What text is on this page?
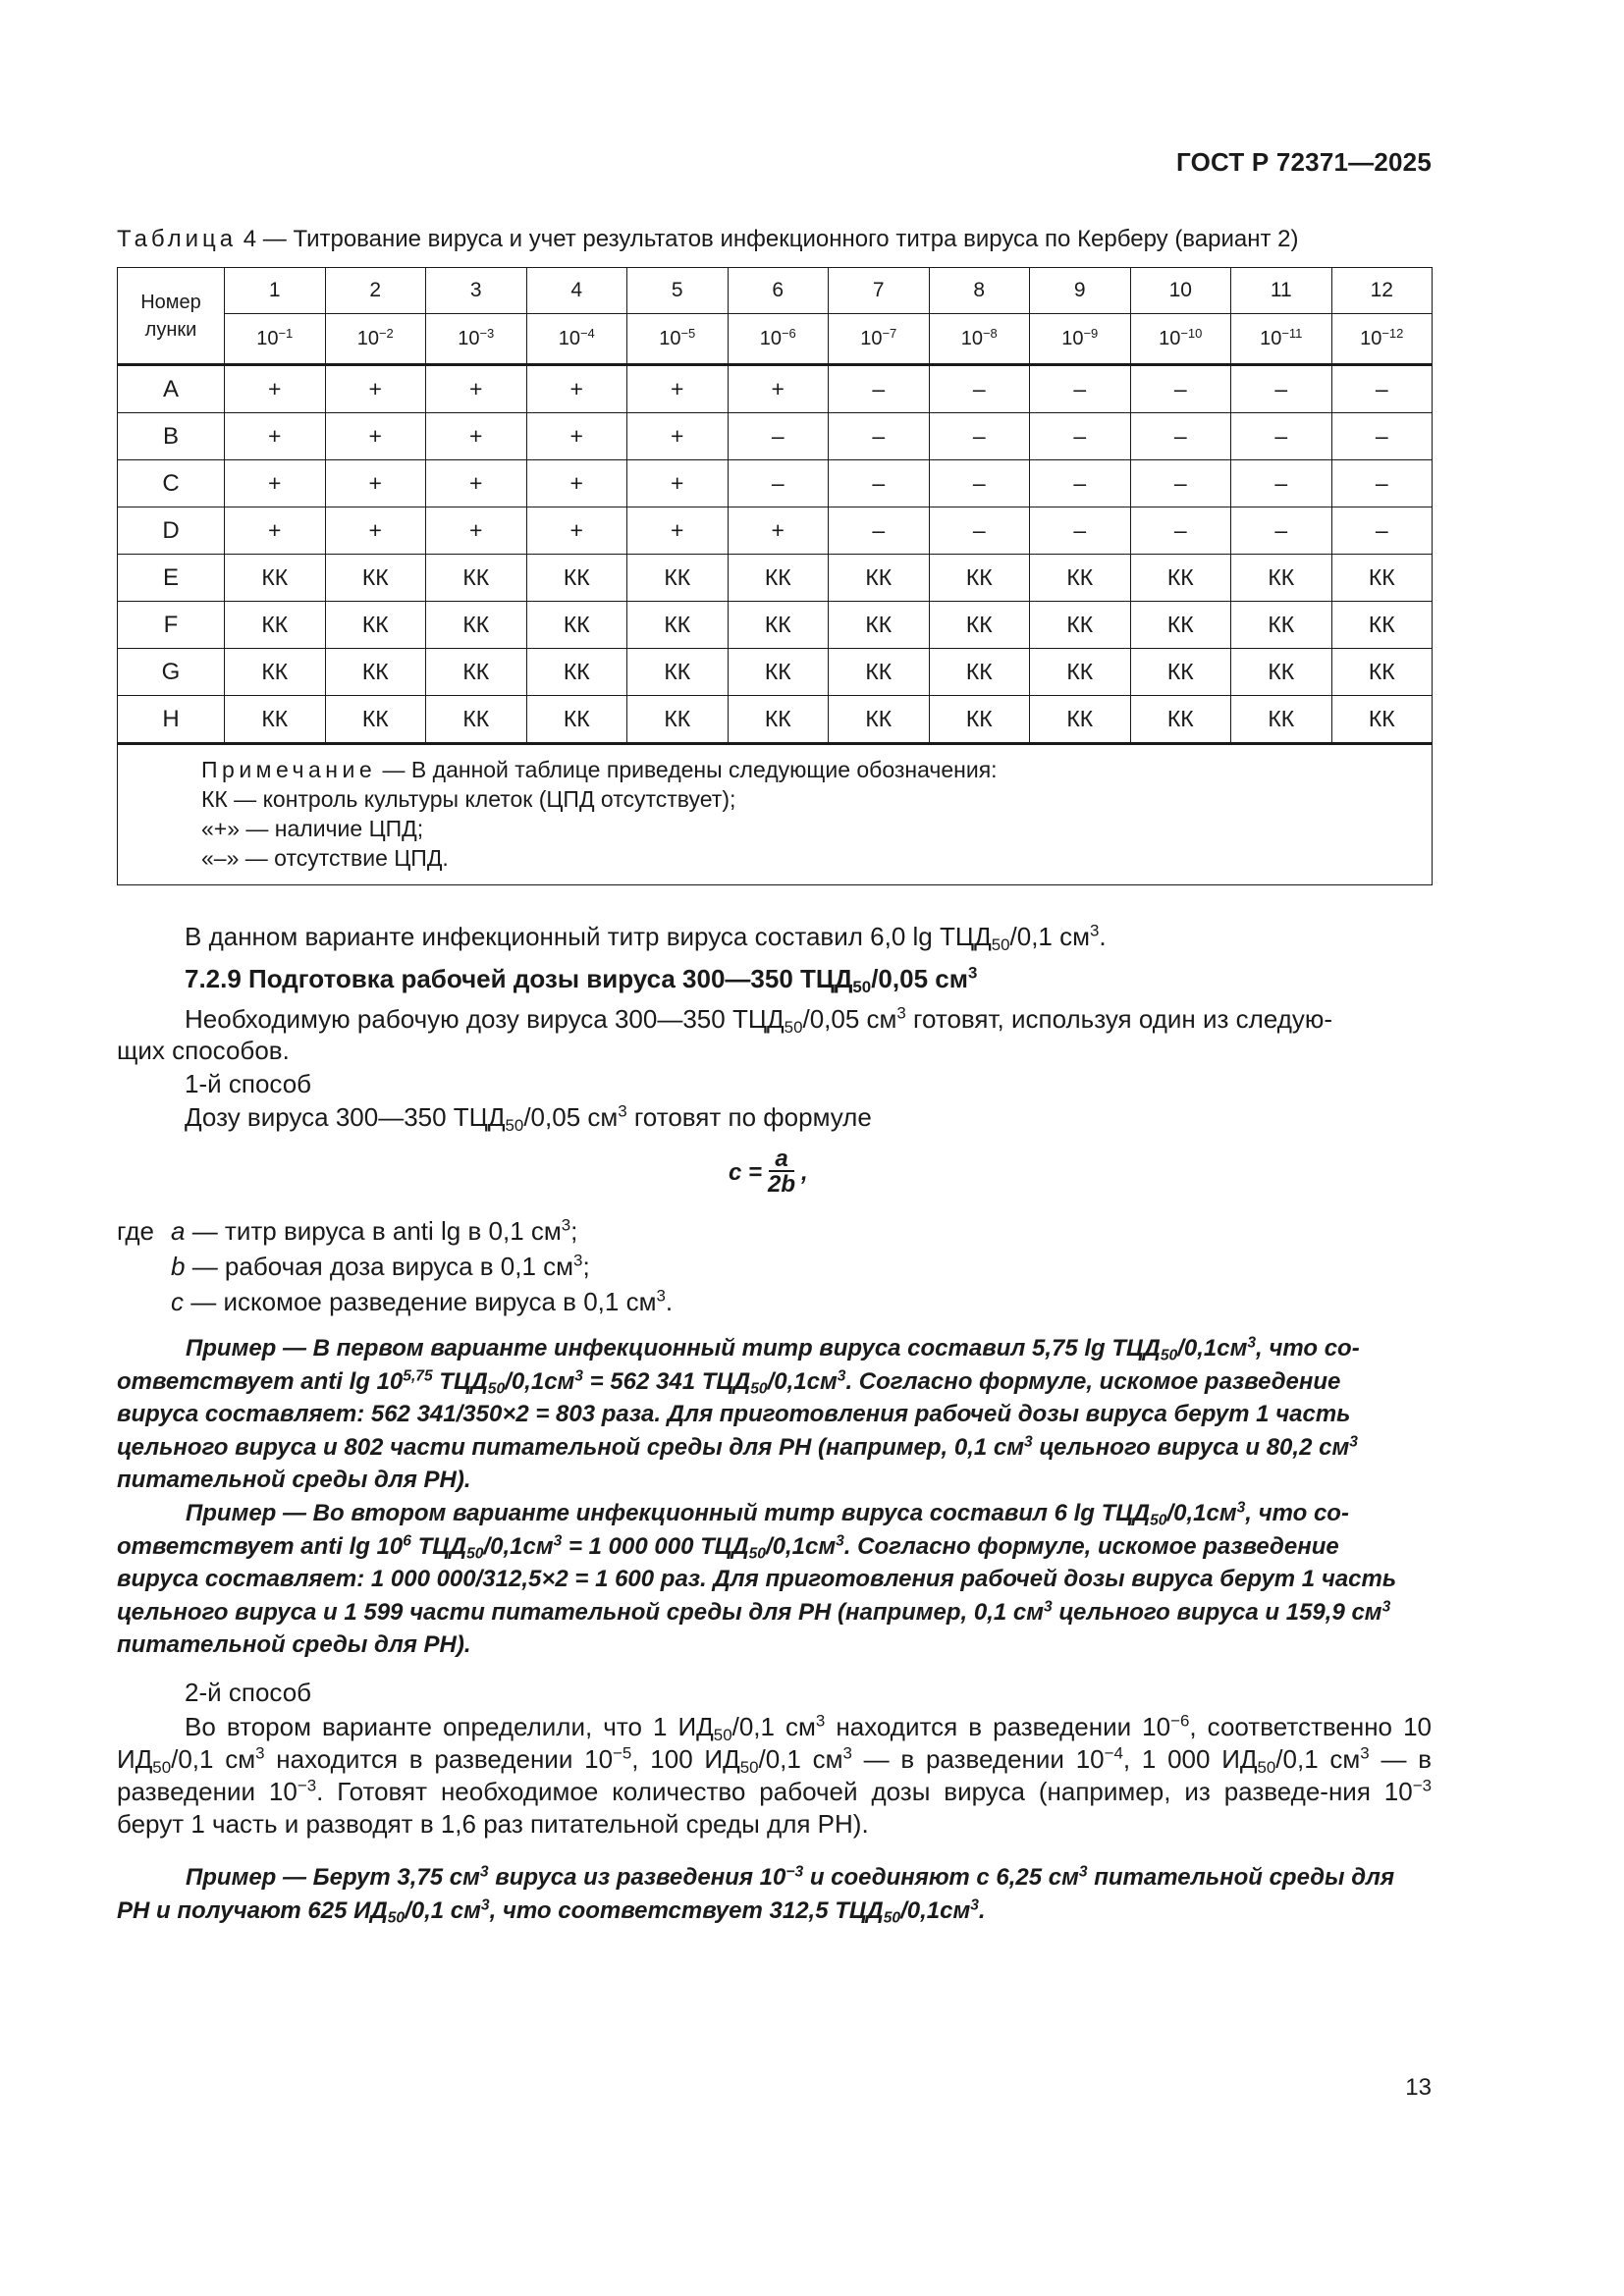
ГОСТ Р 72371—2025
Таблица 4 — Титрование вируса и учет результатов инфекционного титра вируса по Керберу (вариант 2)
Номер лунки	1	2	3	4	5	6	7	8	9	10	11	12
	$10^{-1}$	$10^{-2}$	$10^{-3}$	$10^{-4}$	$10^{-5}$	$10^{-6}$	$10^{-7}$	$10^{-8}$	$10^{-9}$	$10^{-10}$	$10^{-11}$	$10^{-12}$
A	+	+	+	+	+	+	–	–	–	–	–	–
B	+	+	+	+	+	–	–	–	–	–	–	–
C	+	+	+	+	+	–	–	–	–	–	–	–
D	+	+	+	+	+	+	–	–	–	–	–	–
E	КК	КК	КК	КК	КК	КК	КК	КК	КК	КК	КК	КК
F	КК	КК	КК	КК	КК	КК	КК	КК	КК	КК	КК	КК
G	КК	КК	КК	КК	КК	КК	КК	КК	КК	КК	КК	КК
H	КК	КК	КК	КК	КК	КК	КК	КК	КК	КК	КК	КК

Примечание — В данной таблице приведены следующие обозначения:
КК — контроль культуры клеток (ЦПД отсутствует);
«+» — наличие ЦПД;
«–» — отсутствие ЦПД.												
В данном варианте инфекционный титр вируса составил 6,0 $\lg ТЦД_{50}/0,1$ $см^3$.
7.2.9 Подготовка рабочей дозы вируса 300—350 $ТЦД_{50}/0,05$ $см^3$
Необходимую рабочую дозу вируса 300—350 $ТЦД_{50}/0,05$ $см^3$ готовят, используя один из следую-
щих способов.
1-й способ
Дозу вируса 300—350 $ТЦД_{50}/0,05$ $см^3$ готовят по формуле
$c = \frac{a}{2b}$ ,
где a — титр вируса в anti lg в 0,1 $см^3$;
b — рабочая доза вируса в 0,1 $см^3$;
c — искомое разведение вируса в 0,1 $см^3$.
Пример — В первом варианте инфекционный титр вируса составил 5,75 $\lg ТЦД_{50}/0,1см^3$, что со-
ответствует anti lg 10$^{5,75}$ $ТЦД_{50}/0,1см^3 = 562$ 341 $ТЦД_{50}/0,1см^3$. Согласно формуле, искомое разведение
вируса составляет: 562 341/350×2 = 803 раза. Для приготовления рабочей дозы вируса берут 1 часть
цельного вируса и 802 части питательной среды для РН (например, 0,1 $см^3$ цельного вируса и 80,2 $см^3$
питательной среды для РН).
Пример — Во втором варианте инфекционный титр вируса составил 6 $\lg ТЦД_{50}/0,1см^3$, что со-
ответствует anti $\lg 10^6$ $ТЦД_{50}/0,1см^3 = 1$ 000 000 $ТЦД_{50}/0,1см^3$. Согласно формуле, искомое разведение
вируса составляет: 1 000 000/312,5×2 = 1 600 раз. Для приготовления рабочей дозы вируса берут 1 часть
цельного вируса и 1 599 части питательной среды для РН (например, 0,1 $см^3$ цельного вируса и 159,9 $см^3$
питательной среды для РН).
2-й способ
Во втором варианте определили, что 1 $ИД_{50}/0,1$ $см^3$ находится в разведении $10^{-6}$, соответственно 10 $ИД_{50}/0,1$ $см^3$ находится в разведении $10^{-5}$, 100 $ИД_{50}/0,1$ $см^3$ — в разведении $10^{-4}$, 1 000 $ИД_{50}/0,1$ $см^3$ — в разведении $10^{-3}$. Готовят необходимое количество рабочей дозы вируса (например, из разведе-ния $10^{-3}$ берут 1 часть и разводят в 1,6 раз питательной среды для РН).
Пример — Берут 3,75 $см^3$ вируса из разведения $10^{-3}$ и соединяют с 6,25 $см^3$ питательной среды для
РН и получают 625 $ИД_{50}/0,1$ $см^3$, что соответствует 312,5 $ТЦД_{50}/0,1см^3$.
13
